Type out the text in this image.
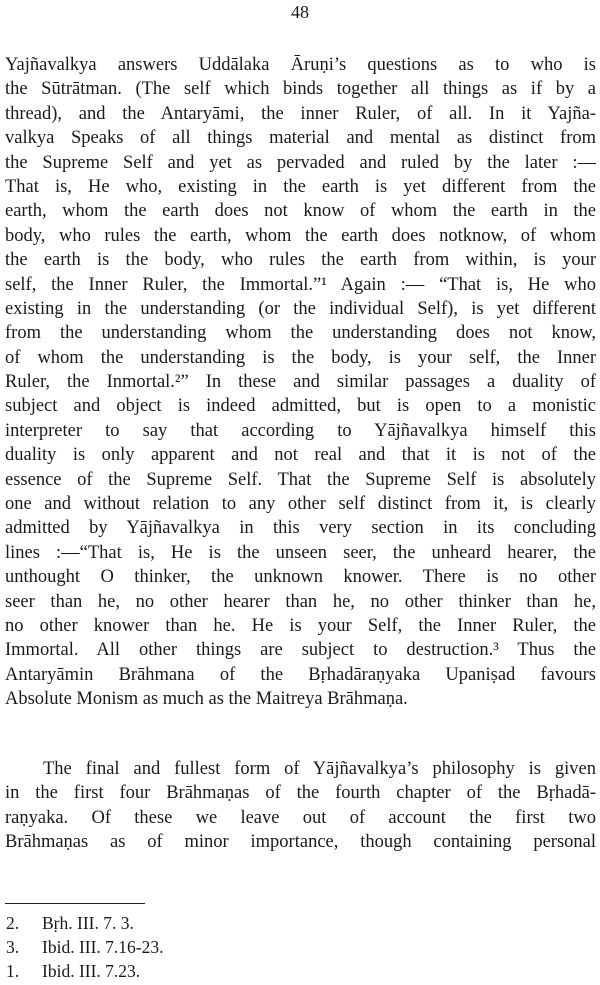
48
Yajñavalkya answers Uddālaka Āruṇi’s questions as to who is
the Sūtrātman. (The self which binds together all things as if by a
thread), and the Antaryāmi, the inner Ruler, of all. In it Yajña-
valkya Speaks of all things material and mental as distinct from
the Supreme Self and yet as pervaded and ruled by the later :—
That is, He who, existing in the earth is yet different from the
earth, whom the earth does not know of whom the earth in the
body, who rules the earth, whom the earth does notknow, of whom
the earth is the body, who rules the earth from within, is your
self, the Inner Ruler, the Immortal.”¹ Again :— “That is, He who
existing in the understanding (or the individual Self), is yet different
from the understanding whom the understanding does not know,
of whom the understanding is the body, is your self, the Inner
Ruler, the Inmortal.²” In these and similar passages a duality of
subject and object is indeed admitted, but is open to a monistic
interpreter to say that according to Yājñavalkya himself this
duality is only apparent and not real and that it is not of the
essence of the Supreme Self. That the Supreme Self is absolutely
one and without relation to any other self distinct from it, is clearly
admitted by Yājñavalkya in this very section in its concluding
lines :—“That is, He is the unseen seer, the unheard hearer, the
unthought O thinker, the unknown knower. There is no other
seer than he, no other hearer than he, no other thinker than he,
no other knower than he. He is your Self, the Inner Ruler, the
Immortal. All other things are subject to destruction.³ Thus the
Antaryāmin Brāhmana of the Bṛhadāraṇyaka Upaniṣad favours
Absolute Monism as much as the Maitreya Brāhmaṇa.
The final and fullest form of Yājñavalkya’s philosophy is given
in the first four Brāhmaṇas of the fourth chapter of the Bṛhadā-
raṇyaka. Of these we leave out of account the first two
Brāhmaṇas as of minor importance, though containing personal
2. Bṛh. III. 7. 3.
3. Ibid. III. 7.16-23.
1. Ibid. III. 7.23.
